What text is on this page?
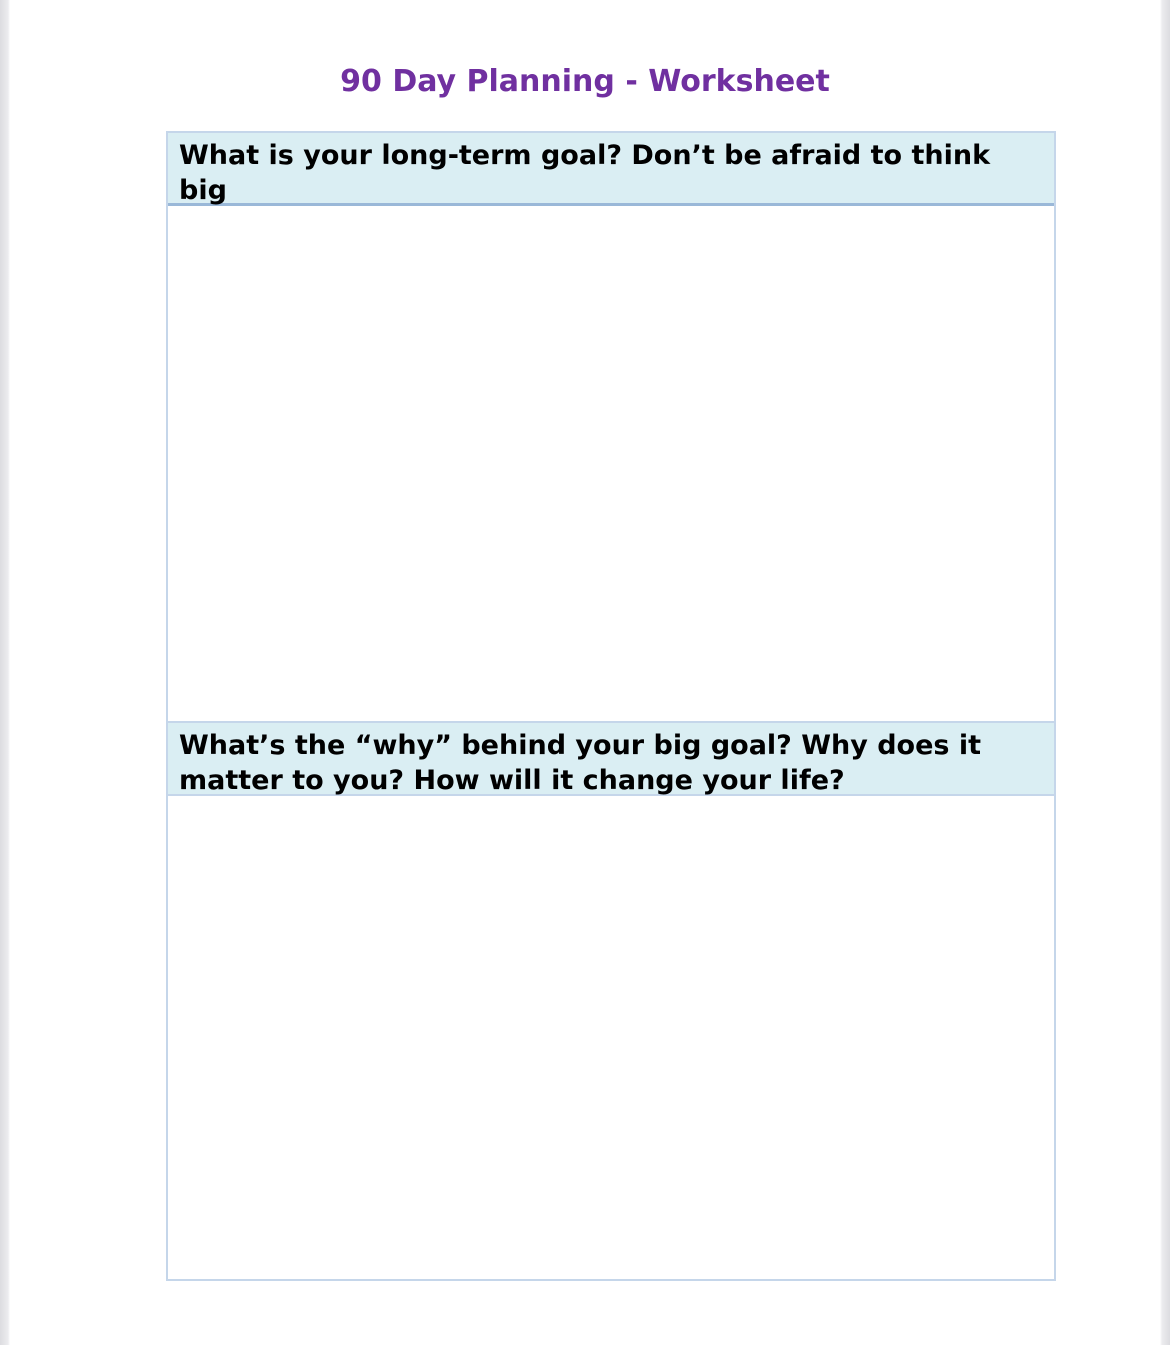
90 Day Planning - Worksheet
What is your long-term goal? Don’t be afraid to think big
What’s the “why” behind your big goal? Why does it matter to you? How will it change your life?
